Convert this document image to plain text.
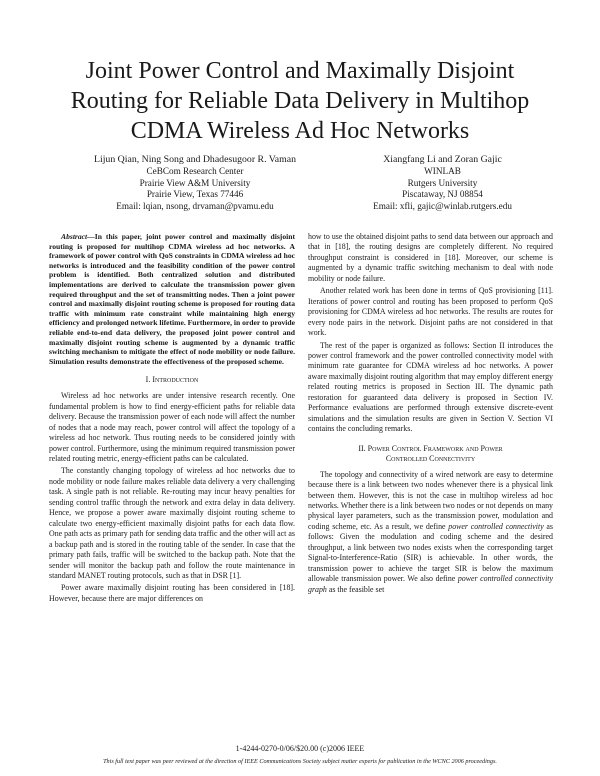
Joint Power Control and Maximally Disjoint
Routing for Reliable Data Delivery in Multihop
CDMA Wireless Ad Hoc Networks
Lijun Qian, Ning Song and Dhadesugoor R. Vaman
CeBCom Research Center
Prairie View A&M University
Prairie View, Texas 77446
Email: lqian, nsong, drvaman@pvamu.edu
Xiangfang Li and Zoran Gajic
WINLAB
Rutgers University
Piscataway, NJ 08854
Email: xfli, gajic@winlab.rutgers.edu

Abstract—In this paper, joint power control and maximally disjoint routing is proposed for multihop CDMA wireless ad hoc networks. A framework of power control with QoS constraints in CDMA wireless ad hoc networks is introduced and the feasibility condition of the power control problem is identified. Both centralized solution and distributed implementations are derived to calculate the transmission power given required throughput and the set of transmitting nodes. Then a joint power control and maximally disjoint routing scheme is proposed for routing data traffic with minimum rate constraint while maintaining high energy efficiency and prolonged network lifetime. Furthermore, in order to provide reliable end-to-end data delivery, the proposed joint power control and maximally disjoint routing scheme is augmented by a dynamic traffic switching mechanism to mitigate the effect of node mobility or node failure. Simulation results demonstrate the effectiveness of the proposed scheme.

I. Introduction

Wireless ad hoc networks are under intensive research recently. One fundamental problem is how to find energy-efficient paths for reliable data delivery. Because the transmission power of each node will affect the number of nodes that a node may reach, power control will affect the topology of a wireless ad hoc network. Thus routing needs to be considered jointly with power control. Furthermore, using the minimum required transmission power related routing metric, energy-efficient paths can be calculated.

The constantly changing topology of wireless ad hoc networks due to node mobility or node failure makes reliable data delivery a very challenging task. A single path is not reliable. Re-routing may incur heavy penalties for sending control traffic through the network and extra delay in data delivery. Hence, we propose a power aware maximally disjoint routing scheme to calculate two energy-efficient maximally disjoint paths for each data flow. One path acts as primary path for sending data traffic and the other will act as a backup path and is stored in the routing table of the sender. In case that the primary path fails, traffic will be switched to the backup path. Note that the sender will monitor the backup path and follow the route maintenance in standard MANET routing protocols, such as that in DSR [1].

Power aware maximally disjoint routing has been considered in [18]. However, because there are major differences on

how to use the obtained disjoint paths to send data between our approach and that in [18], the routing designs are completely different. No required throughput constraint is considered in [18]. Moreover, our scheme is augmented by a dynamic traffic switching mechanism to deal with node mobility or node failure.

Another related work has been done in terms of QoS provisioning [11]. Iterations of power control and routing has been proposed to perform QoS provisioning for CDMA wireless ad hoc networks. The results are routes for every node pairs in the network. Disjoint paths are not considered in that work.

The rest of the paper is organized as follows: Section II introduces the power control framework and the power controlled connectivity model with minimum rate guarantee for CDMA wireless ad hoc networks. A power aware maximally disjoint routing algorithm that may employ different energy related routing metrics is proposed in Section III. The dynamic path restoration for guaranteed data delivery is proposed in Section IV. Performance evaluations are performed through extensive discrete-event simulations and the simulation results are given in Section V. Section VI contains the concluding remarks.

II. Power Control Framework and Power
Controlled Connectivity

The topology and connectivity of a wired network are easy to determine because there is a link between two nodes whenever there is a physical link between them. However, this is not the case in multihop wireless ad hoc networks. Whether there is a link between two nodes or not depends on many physical layer parameters, such as the transmission power, modulation and coding scheme, etc. As a result, we define power controlled connectivity as follows: Given the modulation and coding scheme and the desired throughput, a link between two nodes exists when the corresponding target Signal-to-Interference-Ratio (SIR) is achievable. In other words, the transmission power to achieve the target SIR is below the maximum allowable transmission power. We also define power controlled connectivity graph as the feasible set

1-4244-0270-0/06/$20.00 (c)2006 IEEE
This full text paper was peer reviewed at the direction of IEEE Communications Society subject matter experts for publication in the WCNC 2006 proceedings.
